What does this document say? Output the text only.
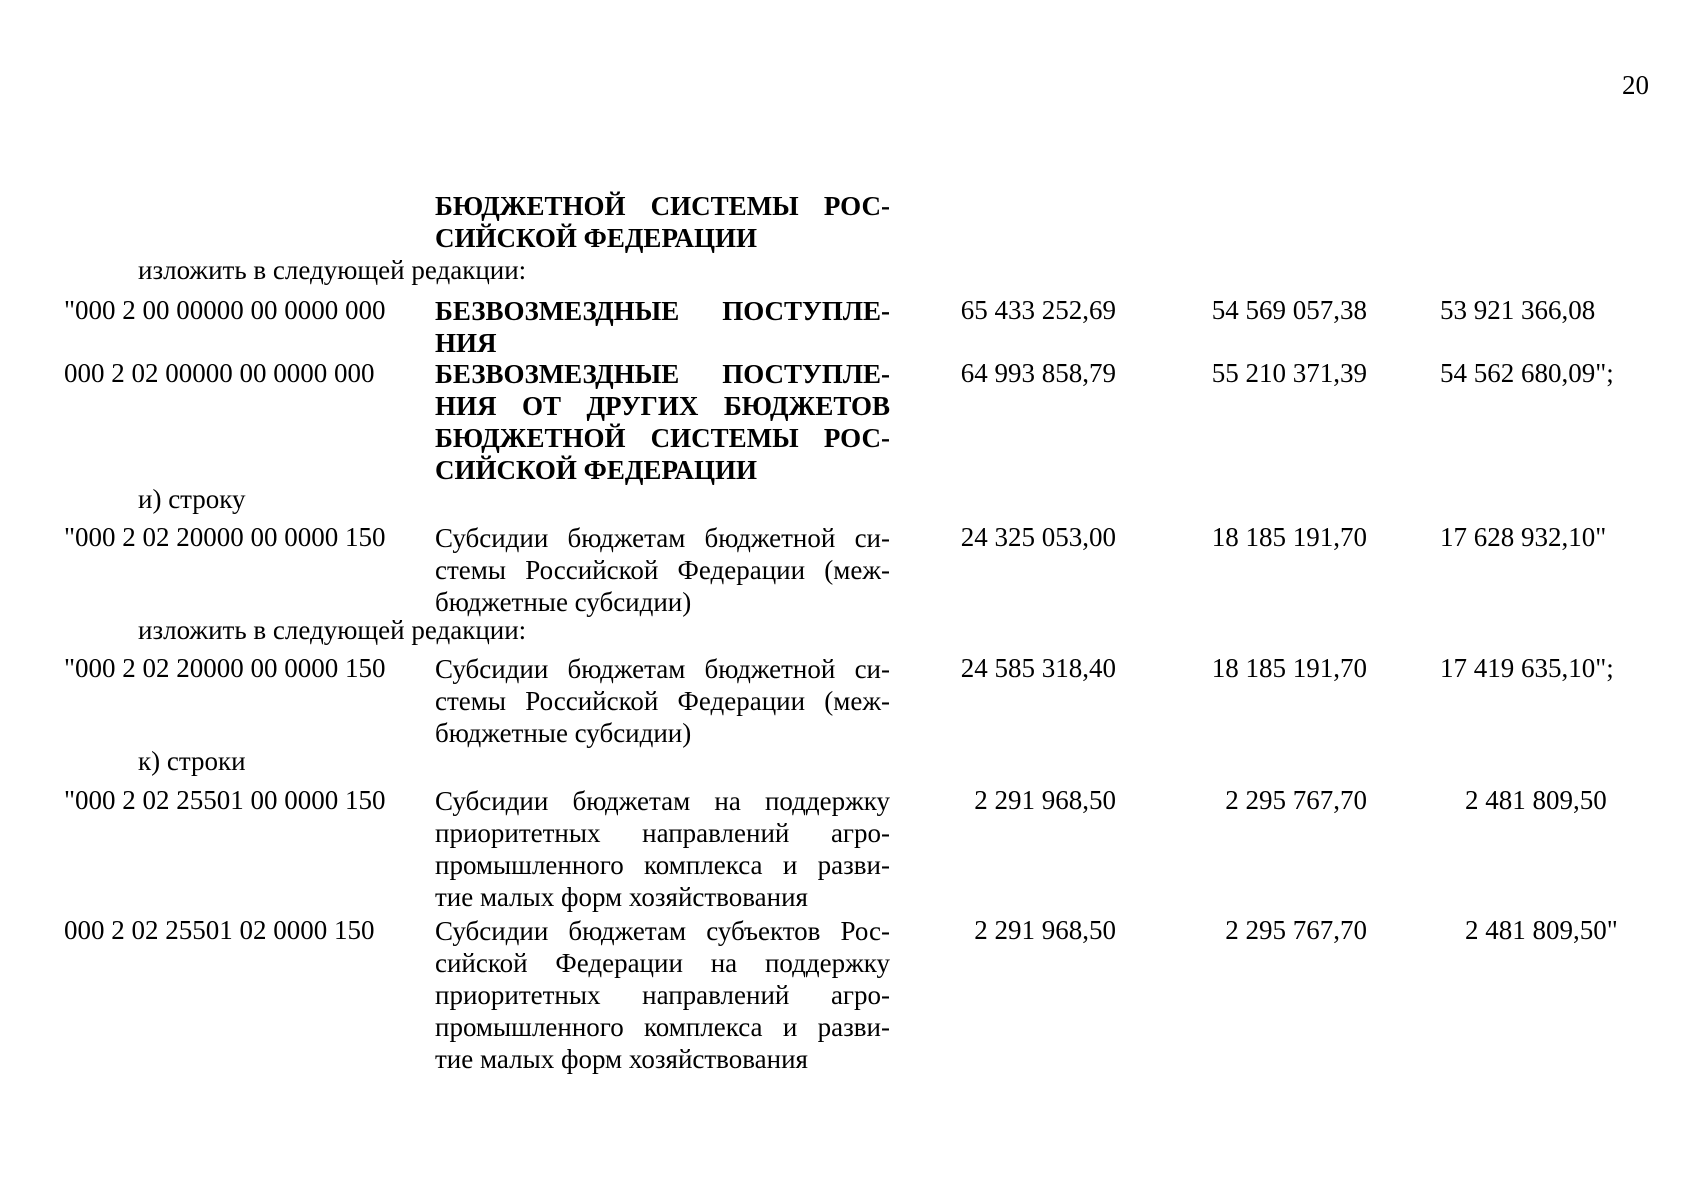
20
БЮДЖЕТНОЙ СИСТЕМЫ РОС-
СИЙСКОЙ ФЕДЕРАЦИИ
изложить в следующей редакции:
"000 2 00 00000 00 0000 000 БЕЗВОЗМЕЗДНЫЕ ПОСТУПЛЕ-
НИЯ
65 433 252,69	54 569 057,38	53 921 366,08
000 2 02 00000 00 0000 000 БЕЗВОЗМЕЗДНЫЕ ПОСТУПЛЕ-
НИЯ ОТ ДРУГИХ БЮДЖЕТОВ
БЮДЖЕТНОЙ СИСТЕМЫ РОС-
СИЙСКОЙ ФЕДЕРАЦИИ
64 993 858,79	55 210 371,39	54 562 680,09";
и) строку
"000 2 02 20000 00 0000 150 Субсидии бюджетам бюджетной си-
стемы Российской Федерации (меж-
бюджетные субсидии)
24 325 053,00	18 185 191,70	17 628 932,10"
изложить в следующей редакции:
"000 2 02 20000 00 0000 150 Субсидии бюджетам бюджетной си-
стемы Российской Федерации (меж-
бюджетные субсидии)
24 585 318,40	18 185 191,70	17 419 635,10";
к) строки
"000 2 02 25501 00 0000 150 Субсидии бюджетам на поддержку
приоритетных направлений агро-
промышленного комплекса и разви-
тие малых форм хозяйствования
2 291 968,50	2 295 767,70	2 481 809,50
000 2 02 25501 02 0000 150 Субсидии бюджетам субъектов Рос-
сийской Федерации на поддержку
приоритетных направлений агро-
промышленного комплекса и разви-
тие малых форм хозяйствования
2 291 968,50	2 295 767,70	2 481 809,50"
